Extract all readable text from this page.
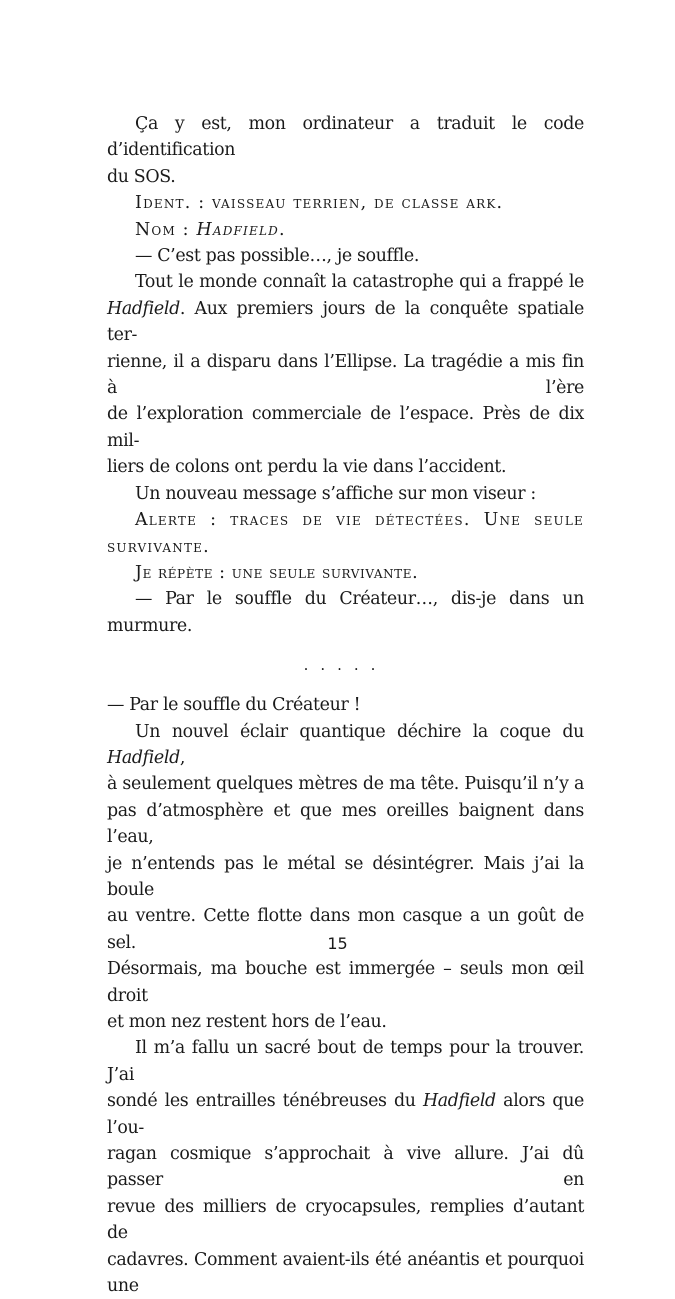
Ça y est, mon ordinateur a traduit le code d’identification
du SOS.
Ident. : vaisseau terrien, de classe ark.
Nom : Hadfield.
— C’est pas possible…, je souffle.
Tout le monde connaît la catastrophe qui a frappé le
Hadfield. Aux premiers jours de la conquête spatiale ter-
rienne, il a disparu dans l’Ellipse. La tragédie a mis fin à l’ère
de l’exploration commerciale de l’espace. Près de dix mil-
liers de colons ont perdu la vie dans l’accident.
Un nouveau message s’affiche sur mon viseur :
Alerte : traces de vie détectées. Une seule
survivante.
Je répète : une seule survivante.
— Par le souffle du Créateur…, dis-je dans un murmure.
.....
— Par le souffle du Créateur !
Un nouvel éclair quantique déchire la coque du Hadfield,
à seulement quelques mètres de ma tête. Puisqu’il n’y a
pas d’atmosphère et que mes oreilles baignent dans l’eau,
je n’entends pas le métal se désintégrer. Mais j’ai la boule
au ventre. Cette flotte dans mon casque a un goût de sel.
Désormais, ma bouche est immergée – seuls mon œil droit
et mon nez restent hors de l’eau.
Il m’a fallu un sacré bout de temps pour la trouver. J’ai
sondé les entrailles ténébreuses du Hadfield alors que l’ou-
ragan cosmique s’approchait à vive allure. J’ai dû passer en
revue des milliers de cryocapsules, remplies d’autant de
cadavres. Comment avaient-ils été anéantis et pourquoi une
15
